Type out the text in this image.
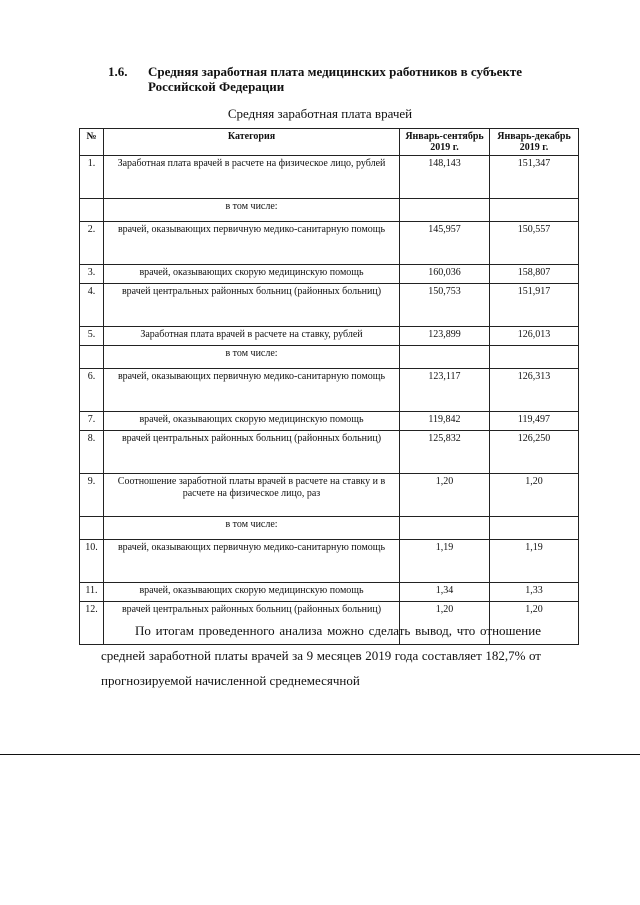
1.6. Средняя заработная плата медицинских работников в субъекте Российской Федерации
Средняя заработная плата врачей
№	Категория	Январь-сентябрь 2019 г.	Январь-декабрь 2019 г.
1.	Заработная плата врачей в расчете на физическое лицо, рублей	148,143	151,347
	в том числе:		
2.	врачей, оказывающих первичную медико-санитарную помощь	145,957	150,557
3.	врачей, оказывающих скорую медицинскую помощь	160,036	158,807
4.	врачей центральных районных больниц (районных больниц)	150,753	151,917
5.	Заработная плата врачей в расчете на ставку, рублей	123,899	126,013
	в том числе:		
6.	врачей, оказывающих первичную медико-санитарную помощь	123,117	126,313
7.	врачей, оказывающих скорую медицинскую помощь	119,842	119,497
8.	врачей центральных районных больниц (районных больниц)	125,832	126,250
9.	Соотношение заработной платы врачей в расчете на ставку и в расчете на физическое лицо, раз	1,20	1,20
	в том числе:		
10.	врачей, оказывающих первичную медико-санитарную помощь	1,19	1,19
11.	врачей, оказывающих скорую медицинскую помощь	1,34	1,33
12.	врачей центральных районных больниц (районных больниц)	1,20	1,20
По итогам проведенного анализа можно сделать вывод, что отношение средней заработной платы врачей за 9 месяцев 2019 года составляет 182,7% от прогнозируемой начисленной среднемесячной
